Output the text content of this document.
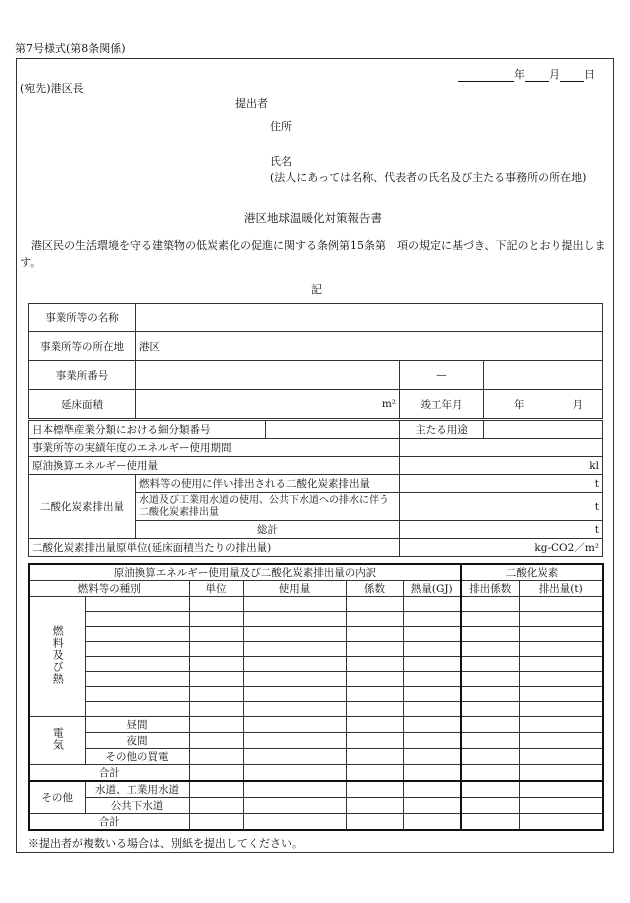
第7号様式(第8条関係)
年 月 日
(宛先)港区長
提出者
住所
氏名
(法人にあっては名称、代表者の氏名及び主たる事務所の所在地)
港区地球温暖化対策報告書
港区民の生活環境を守る建築物の低炭素化の促進に関する条例第15条第　項の規定に基づき、下記のとおり提出します。
記
事業所等の名称			
事業所等の所在地	港区		
事業所番号		—	
延床面積	m²	竣工年月	年 月
日本標準産業分類における細分類番号			主たる用途	
事業所等の実績年度のエネルギー使用期間				
原油換算エネルギー使用量			kl	
二酸化炭素排出量	燃料等の使用に伴い排出される二酸化炭素排出量		t	
	水道及び工業用水道の使用、公共下水道への排水に伴う二酸化炭素排出量		t	
	総計		t	
二酸化炭素排出量原単位(延床面積当たりの排出量)			kg-CO2／m²	
原油換算エネルギー使用量及び二酸化炭素排出量の内訳						二酸化炭素	
燃料等の種別		単位	使用量	係数	熱量(GJ)	排出係数	排出量(t)
燃料及び熱							

電気	昼間						
	夜間						
	その他の買電						
合計							
その他	水道、工業用水道						
	公共下水道						
合計							
※提出者が複数いる場合は、別紙を提出してください。
